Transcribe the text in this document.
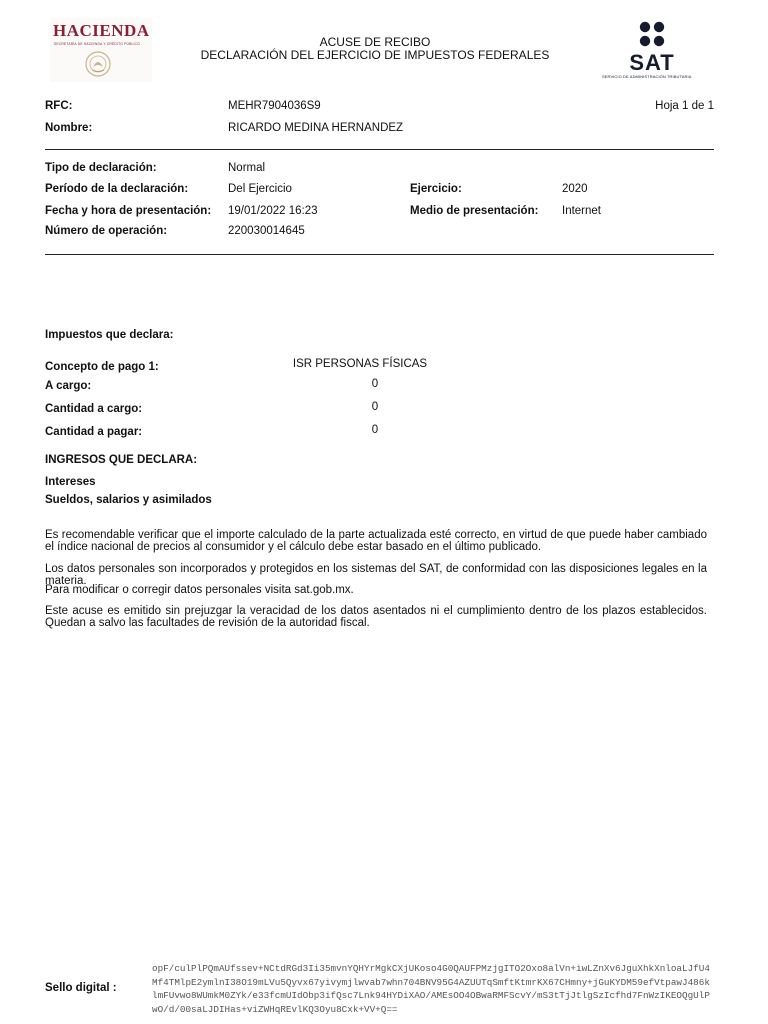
HACIENDA
SECRETARÍA DE HACIENDA Y CRÉDITO PÚBLICO
SAT
SERVICIO DE ADMINISTRACIÓN TRIBUTARIA
ACUSE DE RECIBO
DECLARACIÓN DEL EJERCICIO DE IMPUESTOS FEDERALES
RFC:	MEHR7904036S9	Hoja 1 de 1
Nombre:	RICARDO MEDINA HERNANDEZ
Tipo de declaración:	Normal
Período de la declaración:	Del Ejercicio	Ejercicio:	2020
Fecha y hora de presentación: 19/01/2022 16:23	Medio de presentación: Internet
Número de operación:	220030014645
Impuestos que declara:
Concepto de pago 1:	ISR PERSONAS FÍSICAS
A cargo:	0
Cantidad a cargo:	0
Cantidad a pagar:	0
INGRESOS QUE DECLARA:
Intereses
Sueldos, salarios y asimilados
Es recomendable verificar que el importe calculado de la parte actualizada esté correcto, en virtud de que puede haber cambiado el índice nacional de precios al consumidor y el cálculo debe estar basado en el último publicado.
Los datos personales son incorporados y protegidos en los sistemas del SAT, de conformidad con las disposiciones legales en la materia.
Para modificar o corregir datos personales visita sat.gob.mx.
Este acuse es emitido sin prejuzgar la veracidad de los datos asentados ni el cumplimiento dentro de los plazos establecidos. Quedan a salvo las facultades de revisión de la autoridad fiscal.
Sello digital :
opF/culPlPQmAUfssev+NCtdRGd3Ii35mvnYQHYrMgkCXjUKoso4G0QAUFPMzjgITO2Oxo8alVn+iwLZnXv6JguXhkXnloaLJfU4Mf4TMlpE2ymlnI38O19mLVu5Qyvx67yivymjlwvab7whn704BNV95G4AZUUTqSmftKtmrKX67CHmny+jGuKYDM59efVtpawJ486klmFUvwo8WUmkM0ZYk/e33fcmUIdObp3ifQsc7Lnk94HYDiXAO/AMEsOO4OBwaRMFScvY/mS3tTjJtlgSzIcfhd7FnWzIKEOQgUlPwO/d/00saLJDIHas+viZWHqREvlKQ3Oyu8Cxk+VV+Q==
